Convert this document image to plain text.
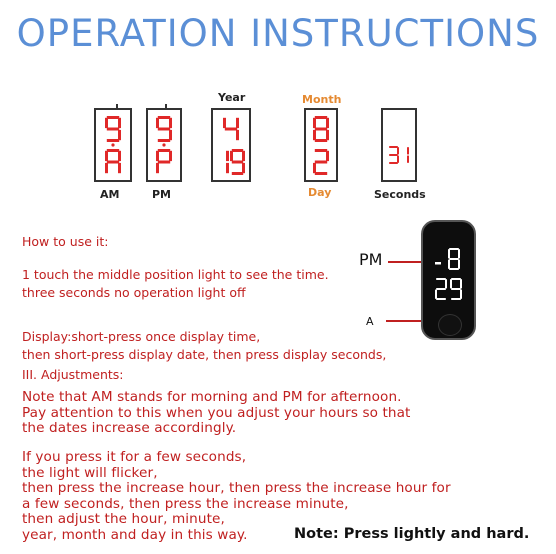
OPERATION INSTRUCTIONS
AM	PM
Year	Month
Day	Seconds
PM
A
How to use it:
1 touch the middle position light to see the time.
three seconds no operation light off
Display:short-press once display time,
then short-press display date, then press display seconds,
III. Adjustments:
Note that AM stands for morning and PM for afternoon.
Pay attention to this when you adjust your hours so that
the dates increase accordingly.
If you press it for a few seconds,
the light will flicker,
then press the increase hour, then press the increase hour for
a few seconds, then press the increase minute,
then adjust the hour, minute,
year, month and day in this way.	Note: Press lightly and hard.
